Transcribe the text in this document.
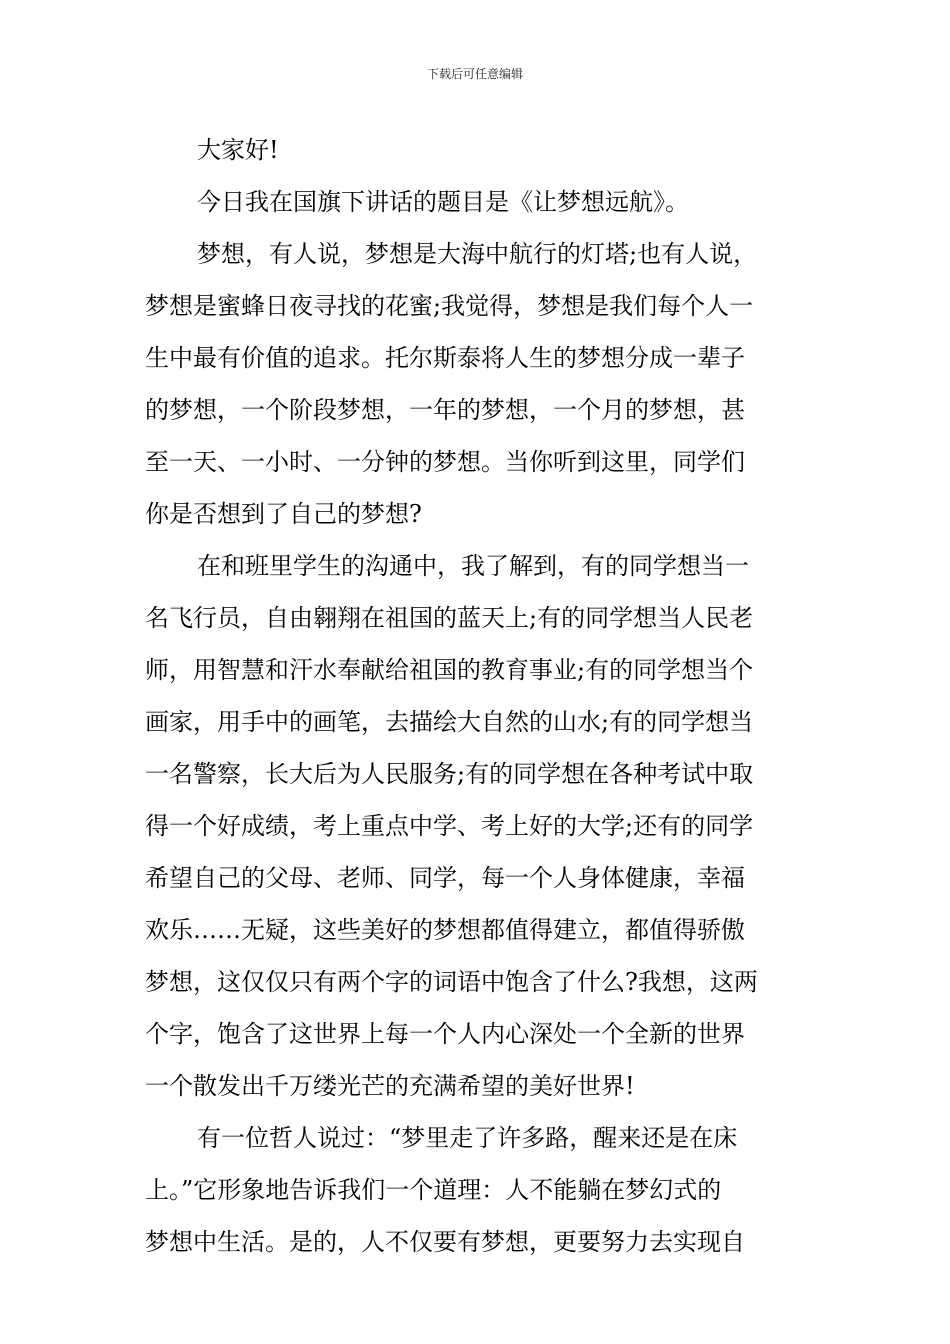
下载后可任意编辑

大家好!

今日我在国旗下讲话的题目是《让梦想远航》。

梦想，有人说，梦想是大海中航行的灯塔;也有人说，

梦想是蜜蜂日夜寻找的花蜜;我觉得，梦想是我们每个人一

生中最有价值的追求。托尔斯泰将人生的梦想分成一辈子

的梦想，一个阶段梦想，一年的梦想，一个月的梦想，甚

至一天、一小时、一分钟的梦想。当你听到这里，同学们

你是否想到了自己的梦想?

在和班里学生的沟通中，我了解到，有的同学想当一

名飞行员，自由翱翔在祖国的蓝天上;有的同学想当人民老

师，用智慧和汗水奉献给祖国的教育事业;有的同学想当个

画家，用手中的画笔，去描绘大自然的山水;有的同学想当

一名警察，长大后为人民服务;有的同学想在各种考试中取

得一个好成绩，考上重点中学、考上好的大学;还有的同学

希望自己的父母、老师、同学，每一个人身体健康，幸福

欢乐……无疑，这些美好的梦想都值得建立，都值得骄傲

梦想，这仅仅只有两个字的词语中饱含了什么?我想，这两

个字，饱含了这世界上每一个人内心深处一个全新的世界

一个散发出千万缕光芒的充满希望的美好世界!

有一位哲人说过：“梦里走了许多路，醒来还是在床

上。”它形象地告诉我们一个道理：人不能躺在梦幻式的

梦想中生活。是的，人不仅要有梦想，更要努力去实现自
